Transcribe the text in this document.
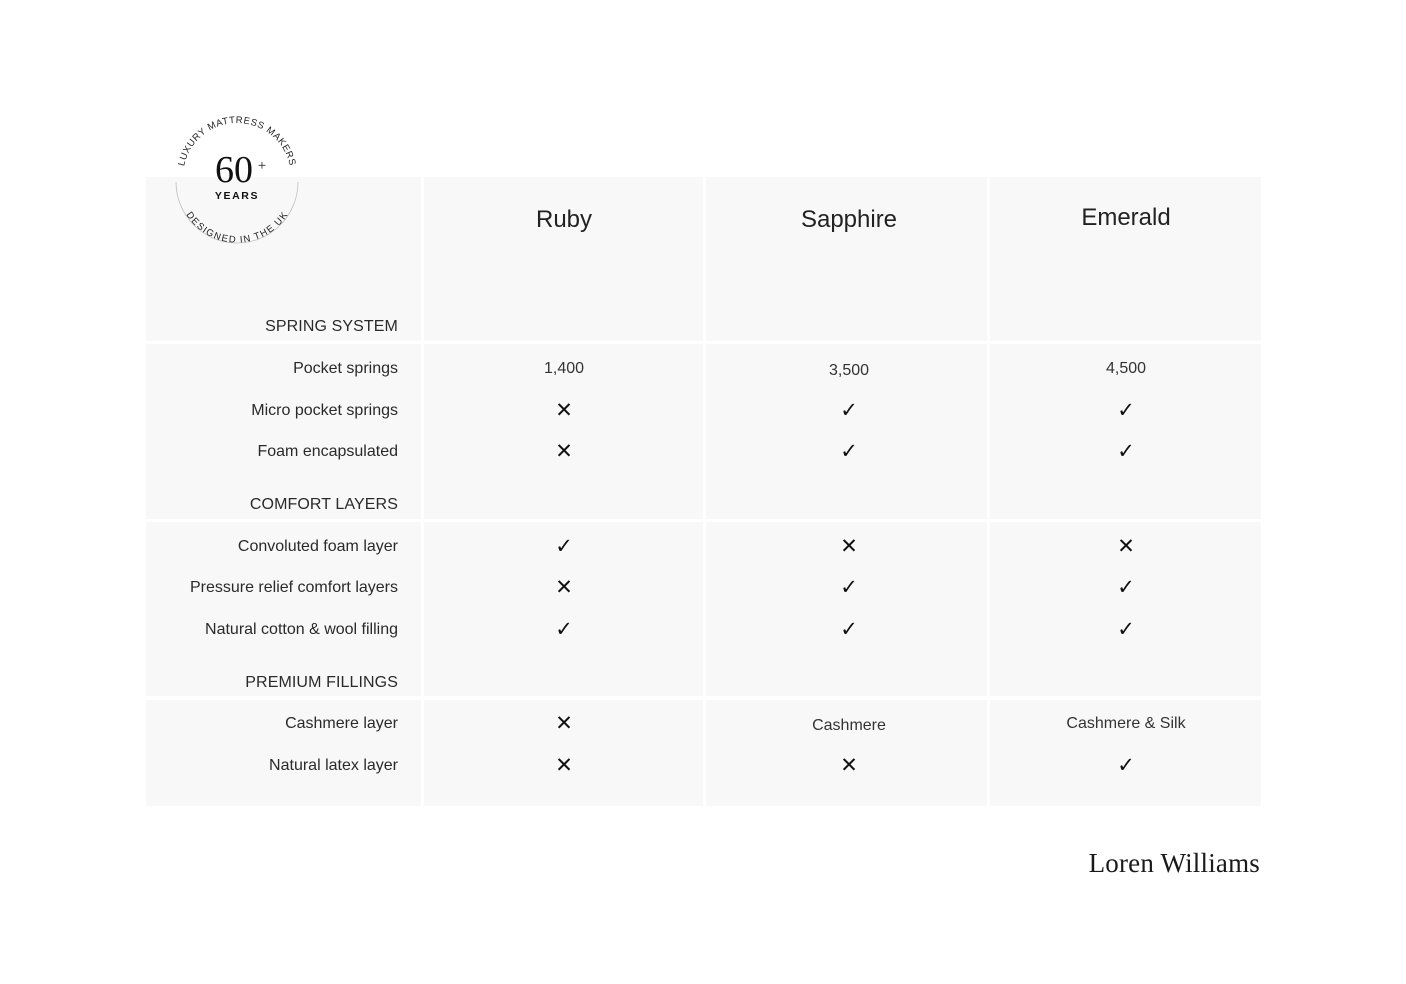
Ruby	Sapphire	Emerald
SPRING SYSTEM
Pocket springs	1,400	3,500	4,500
Micro pocket springs	✕	✓	✓
Foam encapsulated	✕	✓	✓
COMFORT LAYERS
Convoluted foam layer	✓	✕	✕
Pressure relief comfort layers	✕	✓	✓
Natural cotton & wool filling	✓	✓	✓
PREMIUM FILLINGS
Cashmere layer	✕	Cashmere	Cashmere & Silk
Natural latex layer	✕	✕	✓
LUXURY MATTRESS MAKERS
DESIGNED IN THE UK
60 +
YEARS
Loren Williams
